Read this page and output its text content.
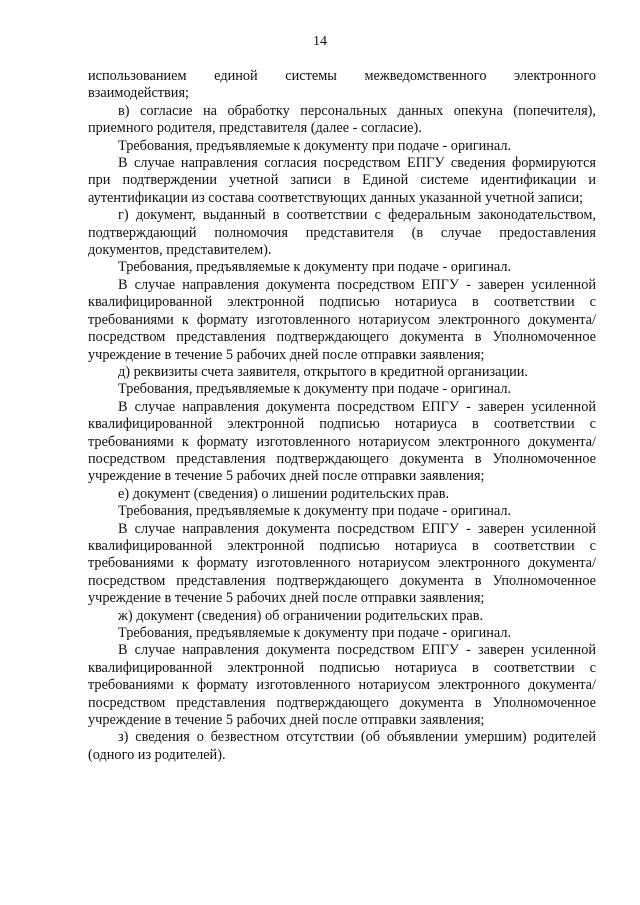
14

использованием единой системы межведомственного электронного взаимодействия;

в) согласие на обработку персональных данных опекуна (попечителя), приемного родителя, представителя (далее - согласие).

Требования, предъявляемые к документу при подаче - оригинал.

В случае направления согласия посредством ЕПГУ сведения формируются при подтверждении учетной записи в Единой системе идентификации и аутентификации из состава соответствующих данных указанной учетной записи;

г) документ, выданный в соответствии с федеральным законодательством, подтверждающий полномочия представителя (в случае предоставления документов, представителем).

Требования, предъявляемые к документу при подаче - оригинал.

В случае направления документа посредством ЕПГУ - заверен усиленной квалифицированной электронной подписью нотариуса в соответствии с требованиями к формату изготовленного нотариусом электронного документа/посредством представления подтверждающего документа в Уполномоченное учреждение в течение 5 рабочих дней после отправки заявления;

д) реквизиты счета заявителя, открытого в кредитной организации.

Требования, предъявляемые к документу при подаче - оригинал.

В случае направления документа посредством ЕПГУ - заверен усиленной квалифицированной электронной подписью нотариуса в соответствии с требованиями к формату изготовленного нотариусом электронного документа/посредством представления подтверждающего документа в Уполномоченное учреждение в течение 5 рабочих дней после отправки заявления;

е) документ (сведения) о лишении родительских прав.

Требования, предъявляемые к документу при подаче - оригинал.

В случае направления документа посредством ЕПГУ - заверен усиленной квалифицированной электронной подписью нотариуса в соответствии с требованиями к формату изготовленного нотариусом электронного документа/посредством представления подтверждающего документа в Уполномоченное учреждение в течение 5 рабочих дней после отправки заявления;

ж) документ (сведения) об ограничении родительских прав.

Требования, предъявляемые к документу при подаче - оригинал.

В случае направления документа посредством ЕПГУ - заверен усиленной квалифицированной электронной подписью нотариуса в соответствии с требованиями к формату изготовленного нотариусом электронного документа/посредством представления подтверждающего документа в Уполномоченное учреждение в течение 5 рабочих дней после отправки заявления;

з) сведения о безвестном отсутствии (об объявлении умершим) родителей (одного из родителей).
